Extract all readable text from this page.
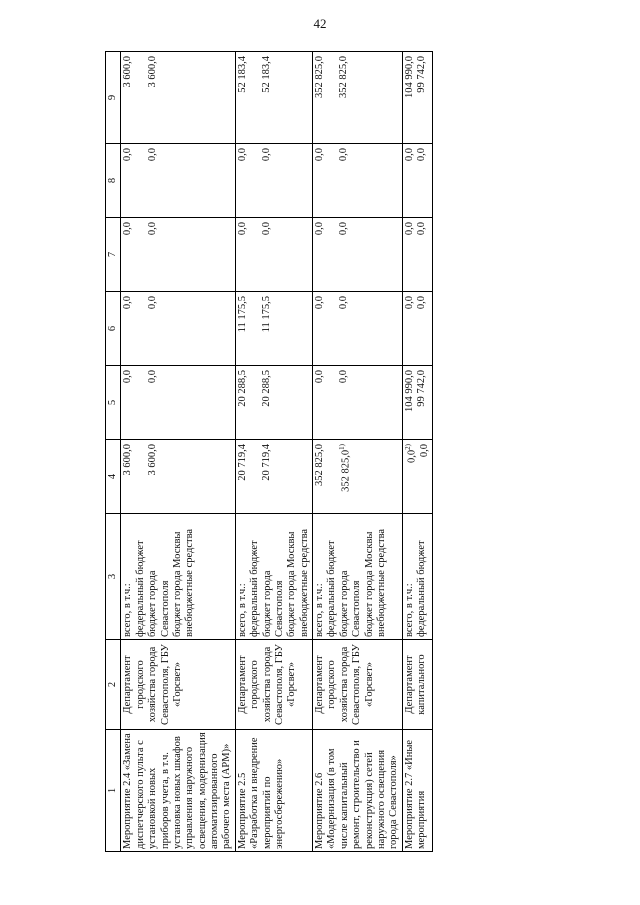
42
1	2	3	4	5	6	7	8	9
Мероприятие 2.4 «Замена диспетчерского пульта с установкой новых приборов учета, в т.ч. установка новых шкафов управления наружного освещения, модернизация автоматизированного рабочего места (АРМ)»	Департамент городского хозяйства города Севастополя, ГБУ «Горсвет»	всего, в т.ч.: федеральный бюджет бюджет города Севастополя бюджет города Москвы внебюджетные средства	3 600,0 3 600,0	0,0 0,0	0,0 0,0	0,0 0,0	0,0 0,0	3 600,0 3 600,0

Мероприятие 2.5 «Разработка и внедрение мероприятий по энергосбережению»	Департамент городского хозяйства города Севастополя, ГБУ «Горсвет»	всего, в т.ч.: федеральный бюджет бюджет города Севастополя бюджет города Москвы внебюджетные средства	20 719,4 20 719,4	20 288,5 20 288,5	11 175,5 11 175,5	0,0 0,0	0,0 0,0	52 183,4 52 183,4

Мероприятие 2.6 «Модернизация (в том числе капитальный ремонт, строительство и реконструкция) сетей наружного освещения города Севастополя»	Департамент городского хозяйства города Севастополя, ГБУ «Горсвет»	всего, в т.ч.: федеральный бюджет бюджет города Севастополя бюджет города Москвы внебюджетные средства	352 825,0 352 825,0$^{1)}$	0,0 0,0	0,0 0,0	0,0 0,0	0,0 0,0	352 825,0 352 825,0

Мероприятие 2.7 «Иные мероприятия	Департамент капитального	всего, в т.ч.: федеральный бюджет	0,0$^{2)}$ 0,0	104 990,0 99 742,0	0,0 0,0	0,0 0,0	0,0 0,0	104 990,0 99 742,0
